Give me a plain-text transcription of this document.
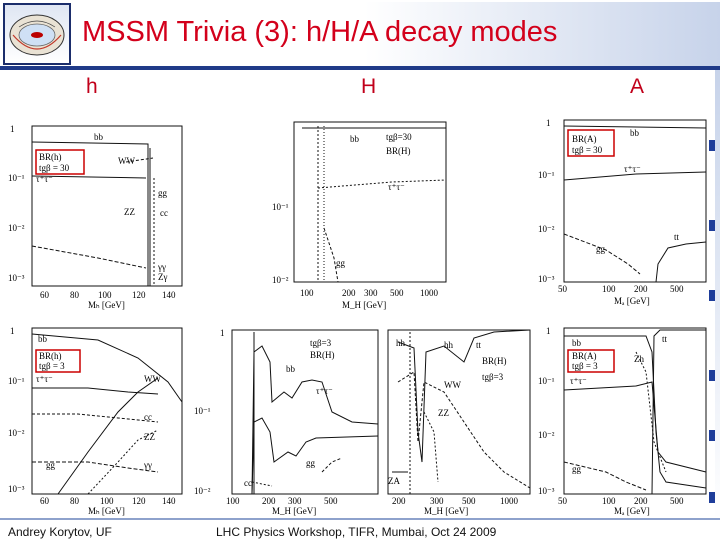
MSSM Trivia (3): h/H/A decay modes
h	H	A
1
10⁻¹
10⁻²
10⁻³
60 80 100 120 140
Mₕ [GeV]
BR(h)
tgβ = 30
bb
WW
τ⁺τ⁻
gg
ZZ	cc
γγ
Zγ
10⁻¹
10⁻²
100	200 300 500 1000
M_H [GeV]
bb	tgβ=30
BR(H)
τ⁺τ⁻
gg
1
10⁻¹
10⁻²
10⁻³
50	100 200	500
Mₐ [GeV]
bb
BR(A)
tgβ = 30
τ⁺τ⁻
gg
tt
1
10⁻¹
10⁻²
10⁻³
60 80 100 120 140
Mₕ [GeV]
bb
BR(h)
tgβ = 3
τ⁺τ⁻	WW
cc
ZZ
gg	γγ
1
10⁻¹
10⁻²
100	200 300	500
M_H [GeV]
tgβ=3
BR(H)
bb
τ⁺τ⁻
gg
cc
200	300 500	1000
M_H [GeV]
hh	hh	tt
BR(H)
tgβ=3
WW
ZZ
ZA
1
10⁻¹
10⁻²
10⁻³
50	100 200	500
Mₐ [GeV]
tt
bb
BR(A)
tgβ = 3
Zh
τ⁺τ⁻
gg
Andrey Korytov, UF	LHC Physics Workshop, TIFR, Mumbai, Oct 24 2009
